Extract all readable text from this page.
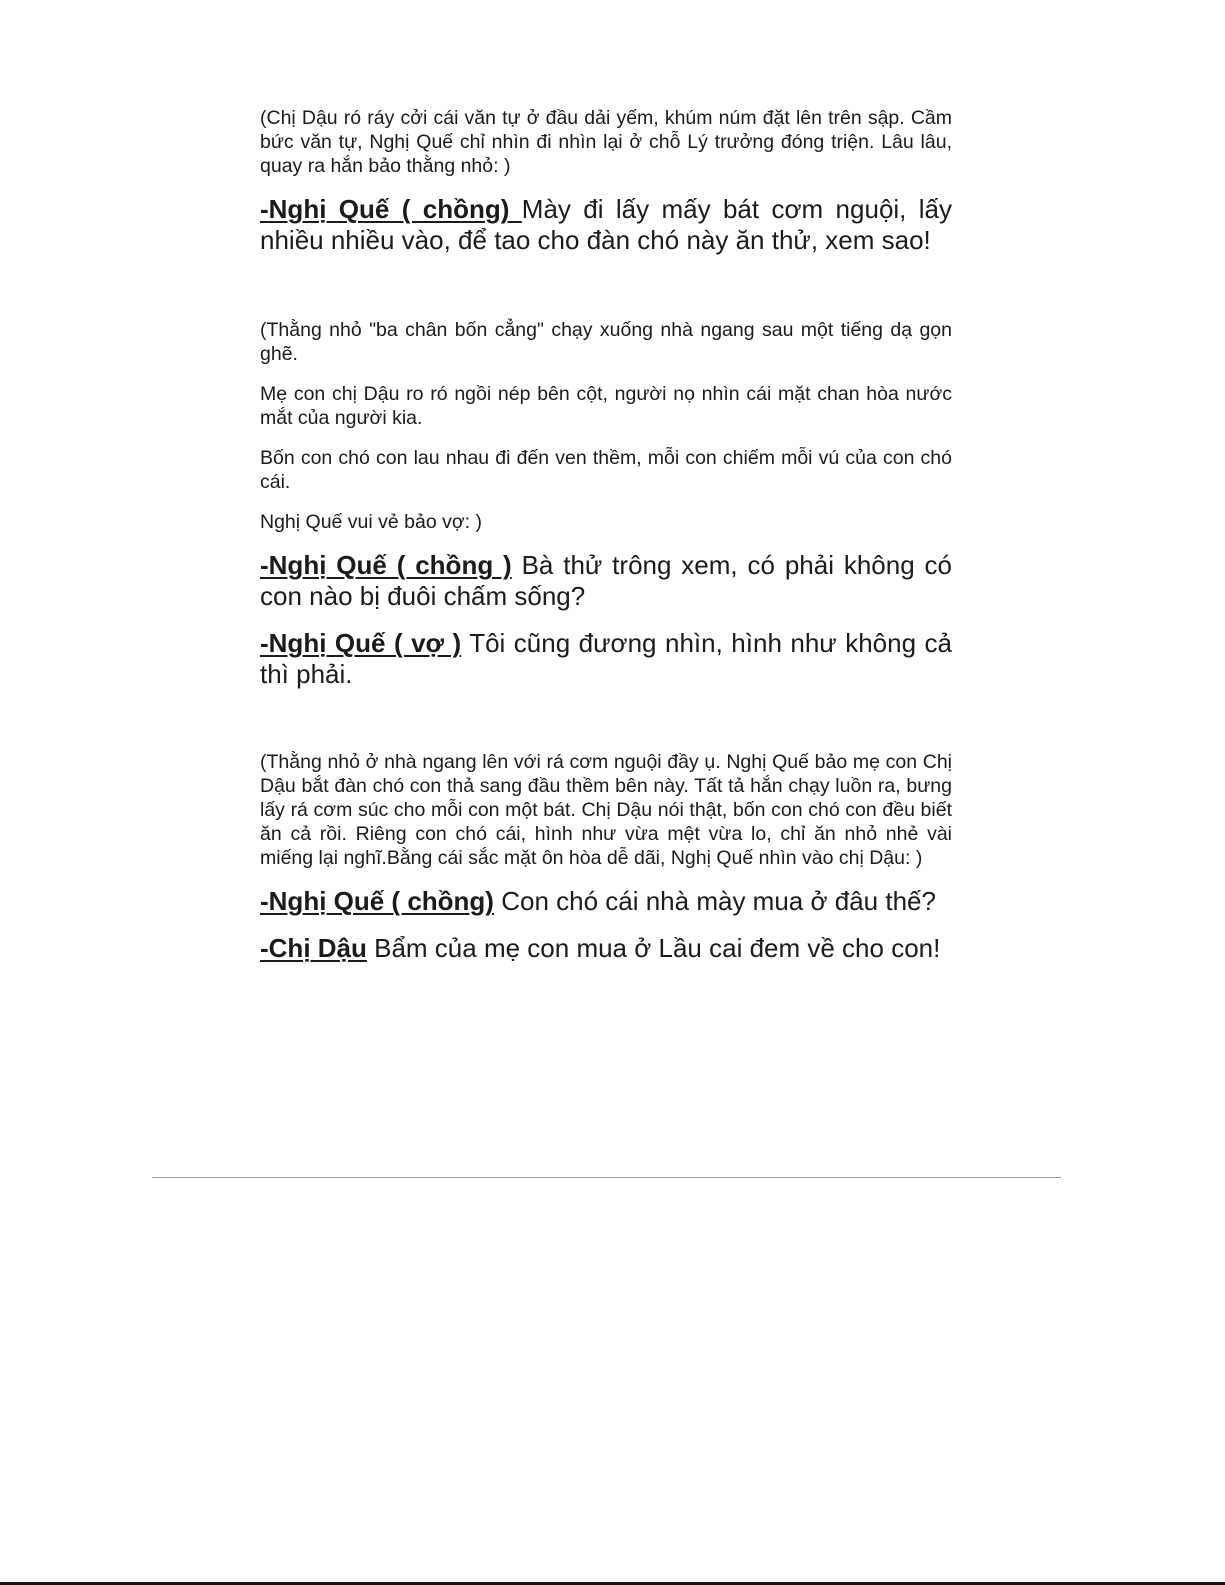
(Chị Dậu ró ráy cởi cái văn tự ở đầu dải yếm, khúm núm đặt lên trên sập. Cầm bức văn tự, Nghị Quế chỉ nhìn đi nhìn lại ở chỗ Lý trưởng đóng triện. Lâu lâu, quay ra hắn bảo thằng nhỏ: )

-Nghị Quế ( chồng) Mày đi lấy mấy bát cơm nguội, lấy nhiều nhiều vào, để tao cho đàn chó này ăn thử, xem sao!

(Thằng nhỏ "ba chân bốn cẳng" chạy xuống nhà ngang sau một tiếng dạ gọn ghẽ.

Mẹ con chị Dậu ro ró ngồi nép bên cột, người nọ nhìn cái mặt chan hòa nước mắt của người kia.

Bốn con chó con lau nhau đi đến ven thềm, mỗi con chiếm mỗi vú của con chó cái.

Nghị Quế vui vẻ bảo vợ: )

-Nghị Quế ( chồng ) Bà thử trông xem, có phải không có con nào bị đuôi chấm sống?

-Nghị Quế ( vợ ) Tôi cũng đương nhìn, hình như không cả thì phải.

(Thằng nhỏ ở nhà ngang lên với rá cơm nguội đầy ụ. Nghị Quế bảo mẹ con Chị Dậu bắt đàn chó con thả sang đầu thềm bên này. Tất tả hắn chạy luồn ra, bưng lấy rá cơm súc cho mỗi con một bát. Chị Dậu nói thật, bốn con chó con đều biết ăn cả rồi. Riêng con chó cái, hình như vừa mệt vừa lo, chỉ ăn nhỏ nhẻ vài miếng lại nghĩ.Bằng cái sắc mặt ôn hòa dễ dãi, Nghị Quế nhìn vào chị Dậu: )

-Nghị Quế ( chồng) Con chó cái nhà mày mua ở đâu thế?

-Chị Dậu Bẩm của mẹ con mua ở Lầu cai đem về cho con!
